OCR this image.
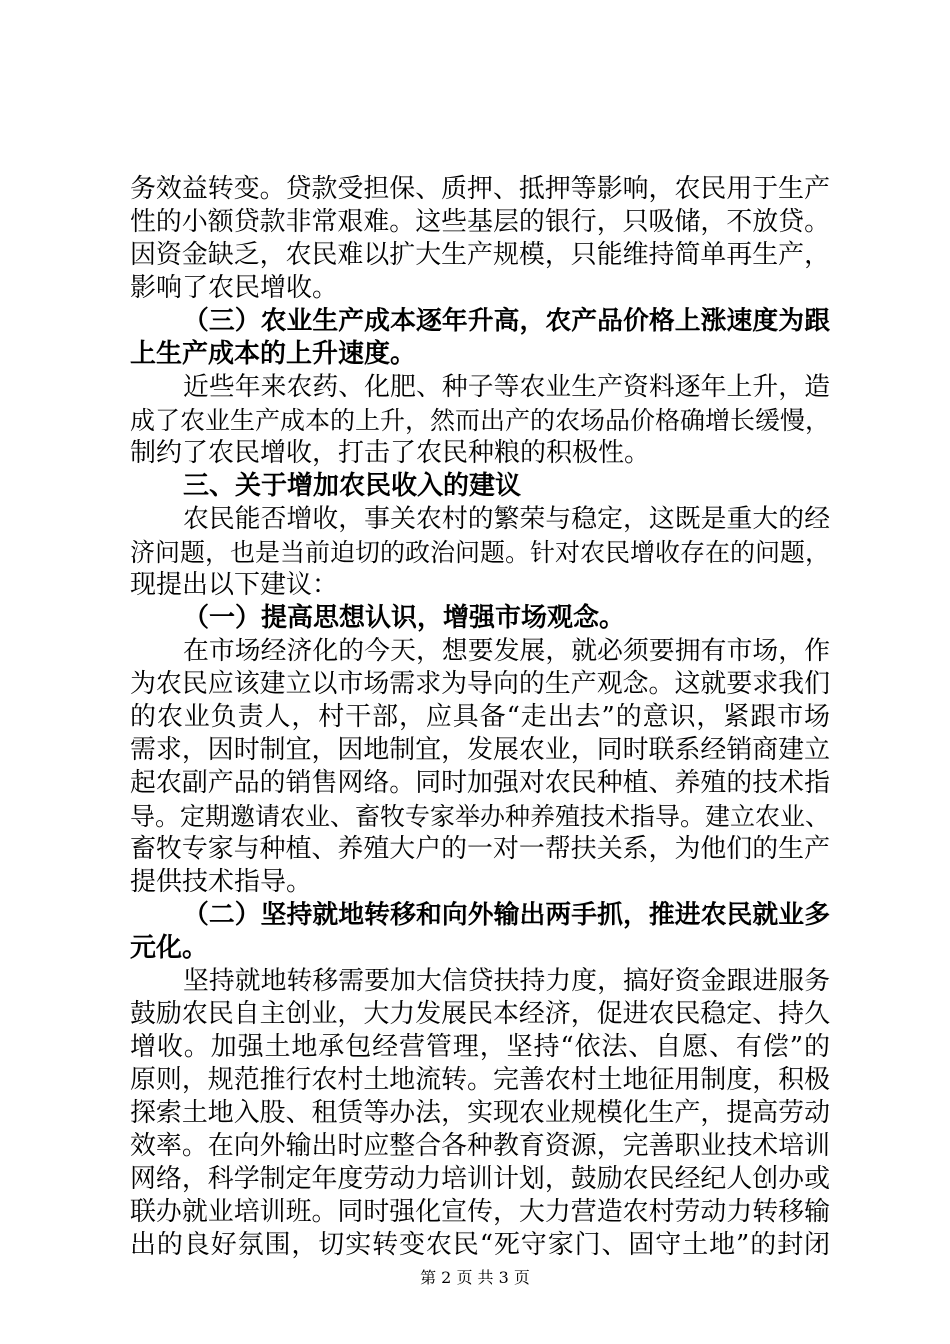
务效益转变。贷款受担保、质押、抵押等影响，农民用于生产
性的小额贷款非常艰难。这些基层的银行，只吸储，不放贷。
因资金缺乏，农民难以扩大生产规模，只能维持简单再生产，
影响了农民增收。
（三）农业生产成本逐年升高，农产品价格上涨速度为跟
上生产成本的上升速度。
近些年来农药、化肥、种子等农业生产资料逐年上升，造
成了农业生产成本的上升，然而出产的农场品价格确增长缓慢，
制约了农民增收，打击了农民种粮的积极性。
三、关于增加农民收入的建议
农民能否增收，事关农村的繁荣与稳定，这既是重大的经
济问题，也是当前迫切的政治问题。针对农民增收存在的问题，
现提出以下建议：
（一）提高思想认识，增强市场观念。
在市场经济化的今天，想要发展，就必须要拥有市场，作
为农民应该建立以市场需求为导向的生产观念。这就要求我们
的农业负责人，村干部，应具备“走出去”的意识，紧跟市场
需求，因时制宜，因地制宜，发展农业，同时联系经销商建立
起农副产品的销售网络。同时加强对农民种植、养殖的技术指
导。定期邀请农业、畜牧专家举办种养殖技术指导。建立农业、
畜牧专家与种植、养殖大户的一对一帮扶关系，为他们的生产
提供技术指导。
（二）坚持就地转移和向外输出两手抓，推进农民就业多
元化。
坚持就地转移需要加大信贷扶持力度，搞好资金跟进服务
鼓励农民自主创业，大力发展民本经济，促进农民稳定、持久
增收。加强土地承包经营管理，坚持“依法、自愿、有偿”的
原则，规范推行农村土地流转。完善农村土地征用制度，积极
探索土地入股、租赁等办法，实现农业规模化生产，提高劳动
效率。在向外输出时应整合各种教育资源，完善职业技术培训
网络，科学制定年度劳动力培训计划，鼓励农民经纪人创办或
联办就业培训班。同时强化宣传，大力营造农村劳动力转移输
出的良好氛围，切实转变农民“死守家门、固守土地”的封闭
第 2 页 共 3 页
